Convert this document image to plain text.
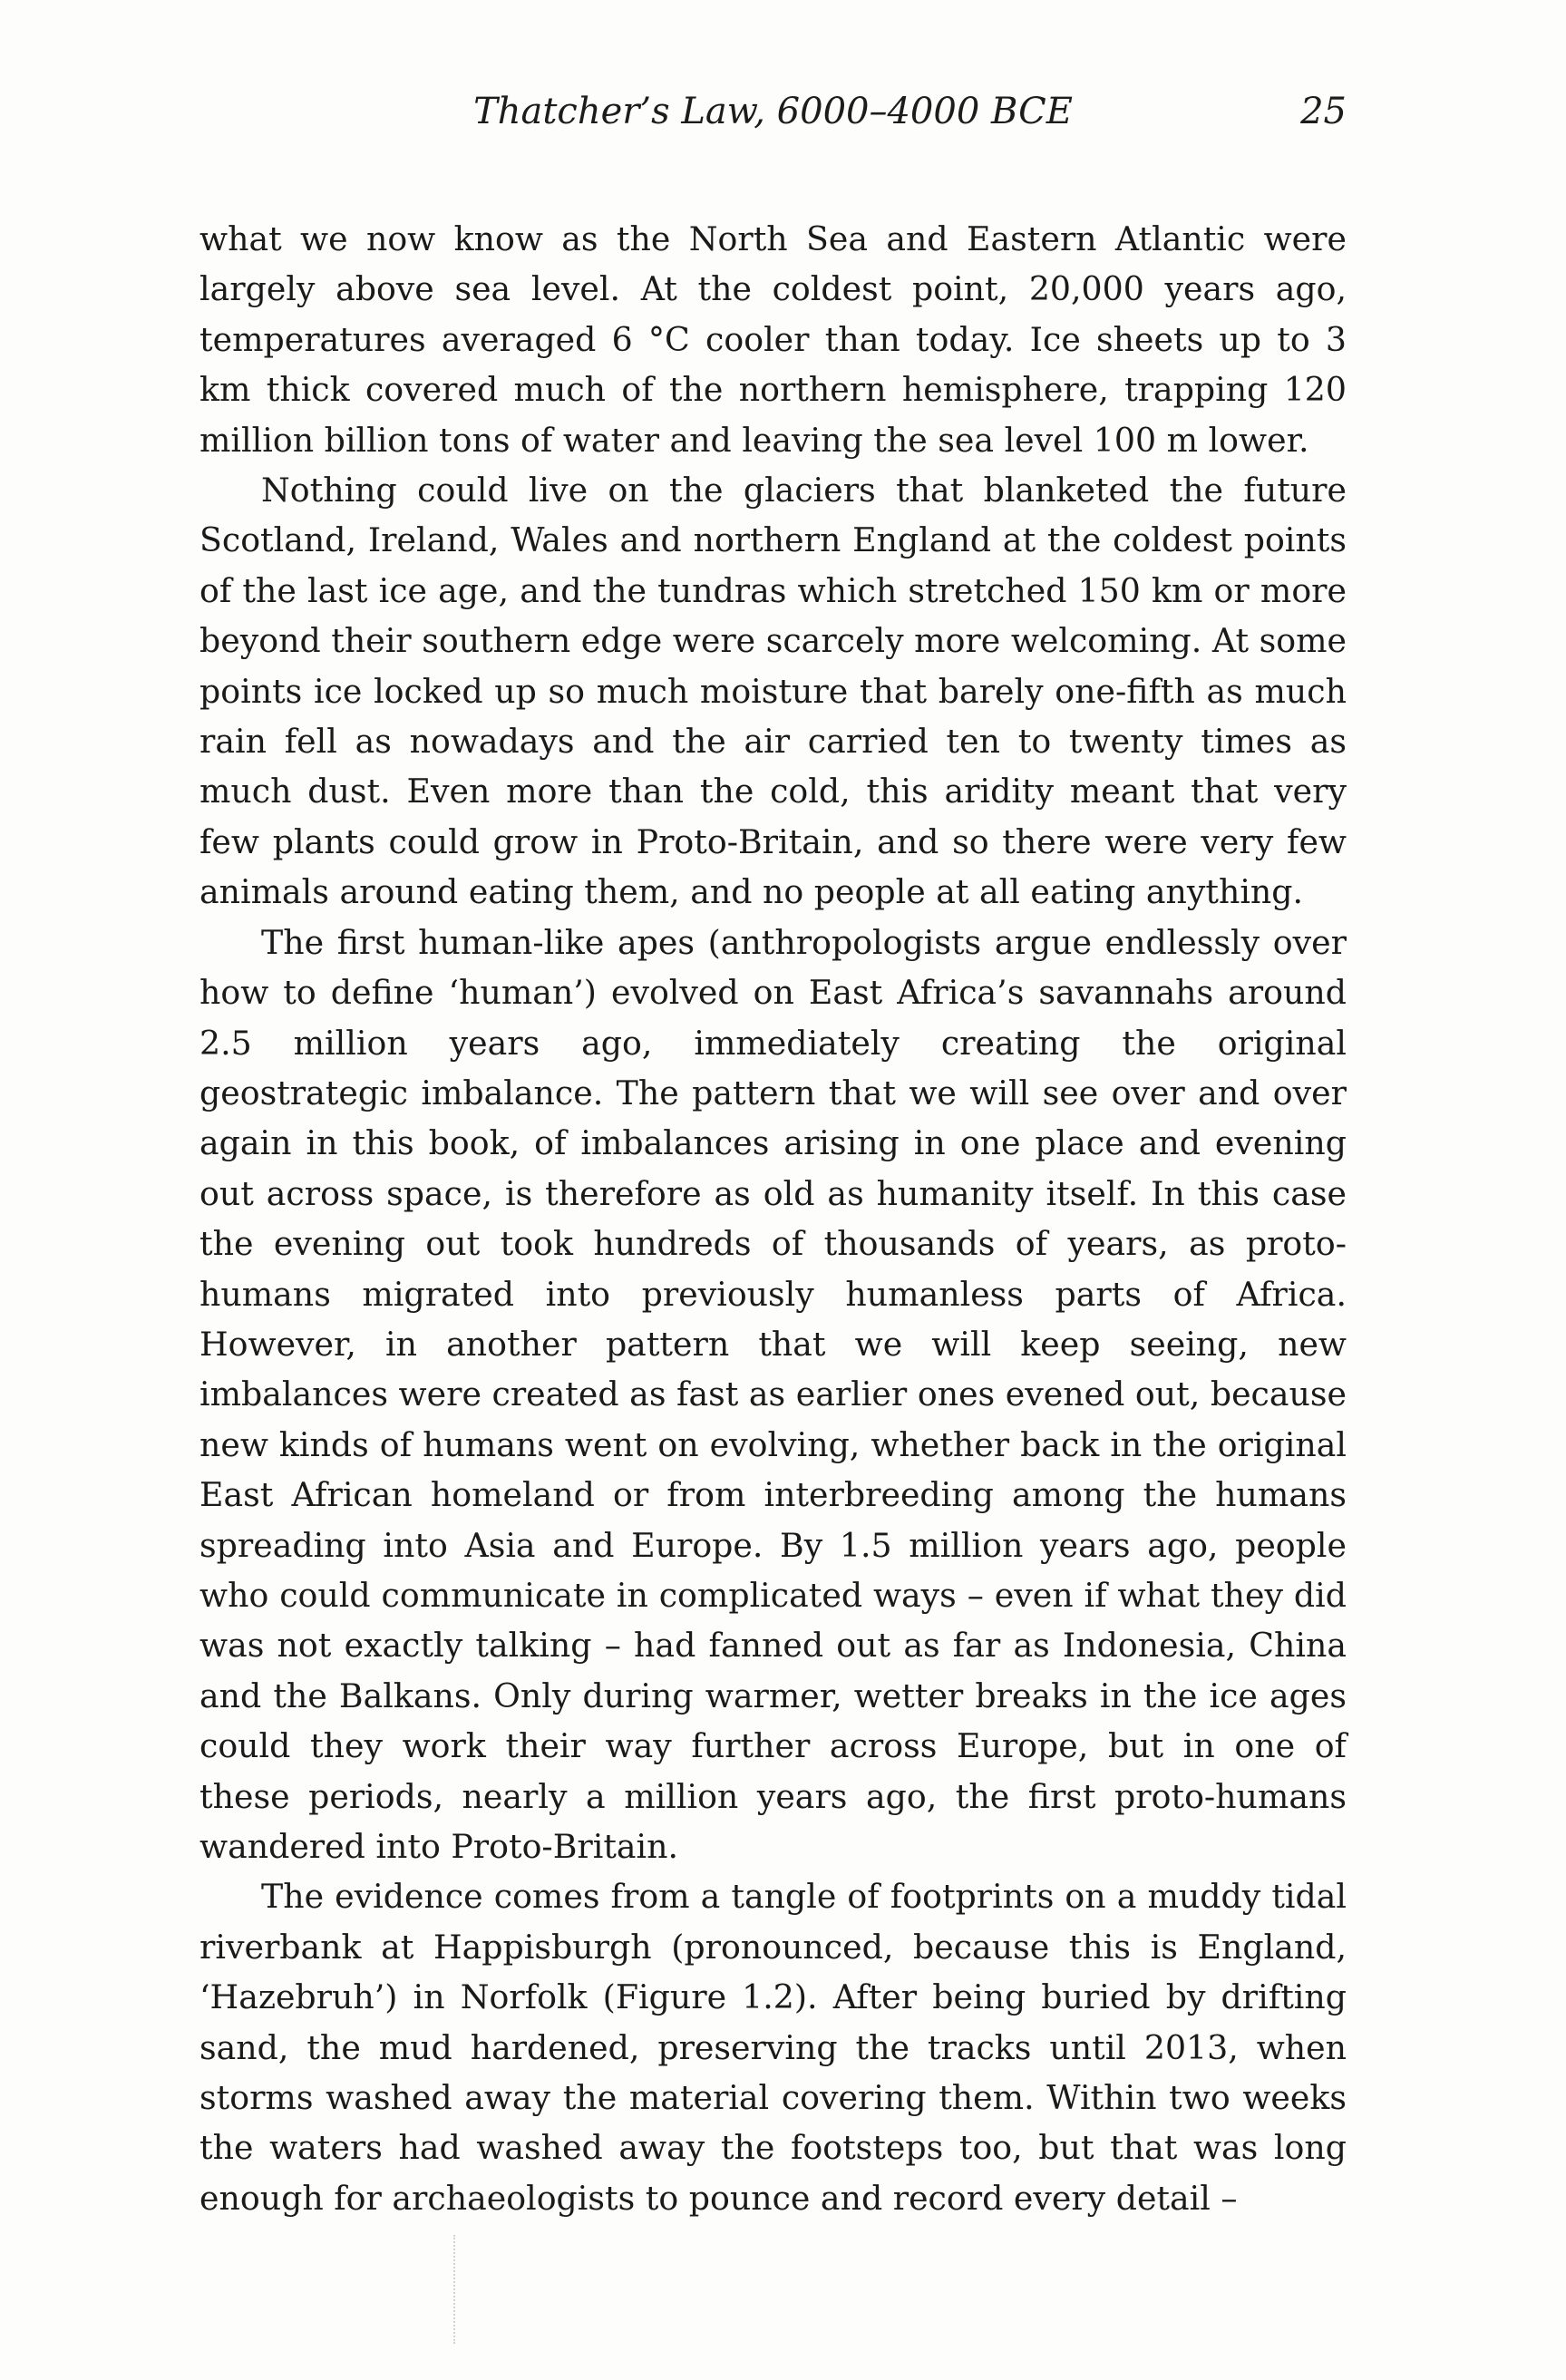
Thatcher’s Law, 6000–4000 BCE	25

what we now know as the North Sea and Eastern Atlantic were largely above sea level. At the coldest point, 20,000 years ago, temperatures averaged 6 °C cooler than today. Ice sheets up to 3 km thick covered much of the northern hemisphere, trapping 120 million billion tons of water and leaving the sea level 100 m lower.

Nothing could live on the glaciers that blanketed the future Scotland, Ireland, Wales and northern England at the coldest points of the last ice age, and the tundras which stretched 150 km or more beyond their southern edge were scarcely more welcoming. At some points ice locked up so much moisture that barely one-fifth as much rain fell as nowadays and the air carried ten to twenty times as much dust. Even more than the cold, this aridity meant that very few plants could grow in Proto-Britain, and so there were very few animals around eating them, and no people at all eating anything.

The first human-like apes (anthropologists argue endlessly over how to define ‘human’) evolved on East Africa’s savannahs around 2.5 million years ago, immediately creating the original geostrategic imbalance. The pattern that we will see over and over again in this book, of imbalances arising in one place and evening out across space, is therefore as old as humanity itself. In this case the evening out took hundreds of thousands of years, as proto-humans migrated into previously humanless parts of Africa. However, in another pattern that we will keep seeing, new imbalances were created as fast as earlier ones evened out, because new kinds of humans went on evolving, whether back in the original East African homeland or from interbreeding among the humans spreading into Asia and Europe. By 1.5 million years ago, people who could communicate in complicated ways – even if what they did was not exactly talking – had fanned out as far as Indonesia, China and the Balkans. Only during warmer, wetter breaks in the ice ages could they work their way further across Europe, but in one of these periods, nearly a million years ago, the first proto-humans wandered into Proto-Britain.

The evidence comes from a tangle of footprints on a muddy tidal riverbank at Happisburgh (pronounced, because this is England, ‘Hazebruh’) in Norfolk (Figure 1.2). After being buried by drifting sand, the mud hardened, preserving the tracks until 2013, when storms washed away the material covering them. Within two weeks the waters had washed away the footsteps too, but that was long enough for archaeologists to pounce and record every detail –
